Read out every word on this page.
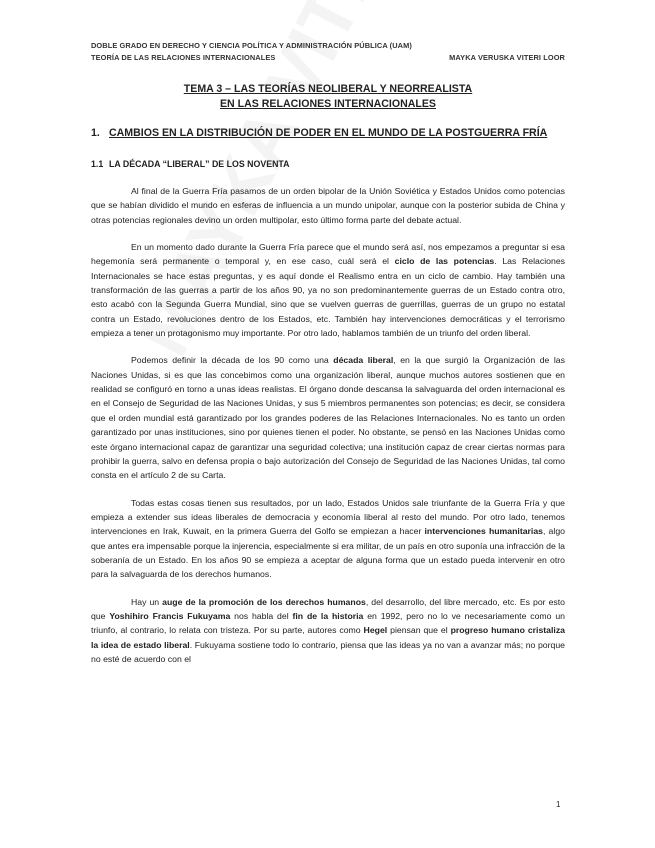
DOBLE GRADO EN DERECHO Y CIENCIA POLÍTICA Y ADMINISTRACIÓN PÚBLICA (UAM)
TEORÍA DE LAS RELACIONES INTERNACIONALES	MAYKA VERUSKA VITERI LOOR
TEMA 3 – LAS TEORÍAS NEOLIBERAL Y NEORREALISTA
EN LAS RELACIONES INTERNACIONALES
1. CAMBIOS EN LA DISTRIBUCIÓN DE PODER EN EL MUNDO DE LA POSTGUERRA FRÍA
1.1 LA DÉCADA “LIBERAL” DE LOS NOVENTA

Al final de la Guerra Fría pasamos de un orden bipolar de la Unión Soviética y Estados Unidos como potencias que se habían dividido el mundo en esferas de influencia a un mundo unipolar, aunque con la posterior subida de China y otras potencias regionales devino un orden multipolar, esto último forma parte del debate actual.

En un momento dado durante la Guerra Fría parece que el mundo será así, nos empezamos a preguntar si esa hegemonía será permanente o temporal y, en ese caso, cuál será el ciclo de las potencias. Las Relaciones Internacionales se hace estas preguntas, y es aquí donde el Realismo entra en un ciclo de cambio. Hay también una transformación de las guerras a partir de los años 90, ya no son predominantemente guerras de un Estado contra otro, esto acabó con la Segunda Guerra Mundial, sino que se vuelven guerras de guerrillas, guerras de un grupo no estatal contra un Estado, revoluciones dentro de los Estados, etc. También hay intervenciones democráticas y el terrorismo empieza a tener un protagonismo muy importante. Por otro lado, hablamos también de un triunfo del orden liberal.

Podemos definir la década de los 90 como una década liberal, en la que surgió la Organización de las Naciones Unidas, si es que las concebimos como una organización liberal, aunque muchos autores sostienen que en realidad se configuró en torno a unas ideas realistas. El órgano donde descansa la salvaguarda del orden internacional es en el Consejo de Seguridad de las Naciones Unidas, y sus 5 miembros permanentes son potencias; es decir, se considera que el orden mundial está garantizado por los grandes poderes de las Relaciones Internacionales. No es tanto un orden garantizado por unas instituciones, sino por quienes tienen el poder. No obstante, se pensó en las Naciones Unidas como este órgano internacional capaz de garantizar una seguridad colectiva; una institución capaz de crear ciertas normas para prohibir la guerra, salvo en defensa propia o bajo autorización del Consejo de Seguridad de las Naciones Unidas, tal como consta en el artículo 2 de su Carta.

Todas estas cosas tienen sus resultados, por un lado, Estados Unidos sale triunfante de la Guerra Fría y que empieza a extender sus ideas liberales de democracia y economía liberal al resto del mundo. Por otro lado, tenemos intervenciones en Irak, Kuwait, en la primera Guerra del Golfo se empiezan a hacer intervenciones humanitarias, algo que antes era impensable porque la injerencia, especialmente si era militar, de un país en otro suponía una infracción de la soberanía de un Estado. En los años 90 se empieza a aceptar de alguna forma que un estado pueda intervenir en otro para la salvaguarda de los derechos humanos.

Hay un auge de la promoción de los derechos humanos, del desarrollo, del libre mercado, etc. Es por esto que Yoshihiro Francis Fukuyama nos habla del fin de la historia en 1992, pero no lo ve necesariamente como un triunfo, al contrario, lo relata con tristeza. Por su parte, autores como Hegel piensan que el progreso humano cristaliza la idea de estado liberal. Fukuyama sostiene todo lo contrario, piensa que las ideas ya no van a avanzar más; no porque no esté de acuerdo con el

1
